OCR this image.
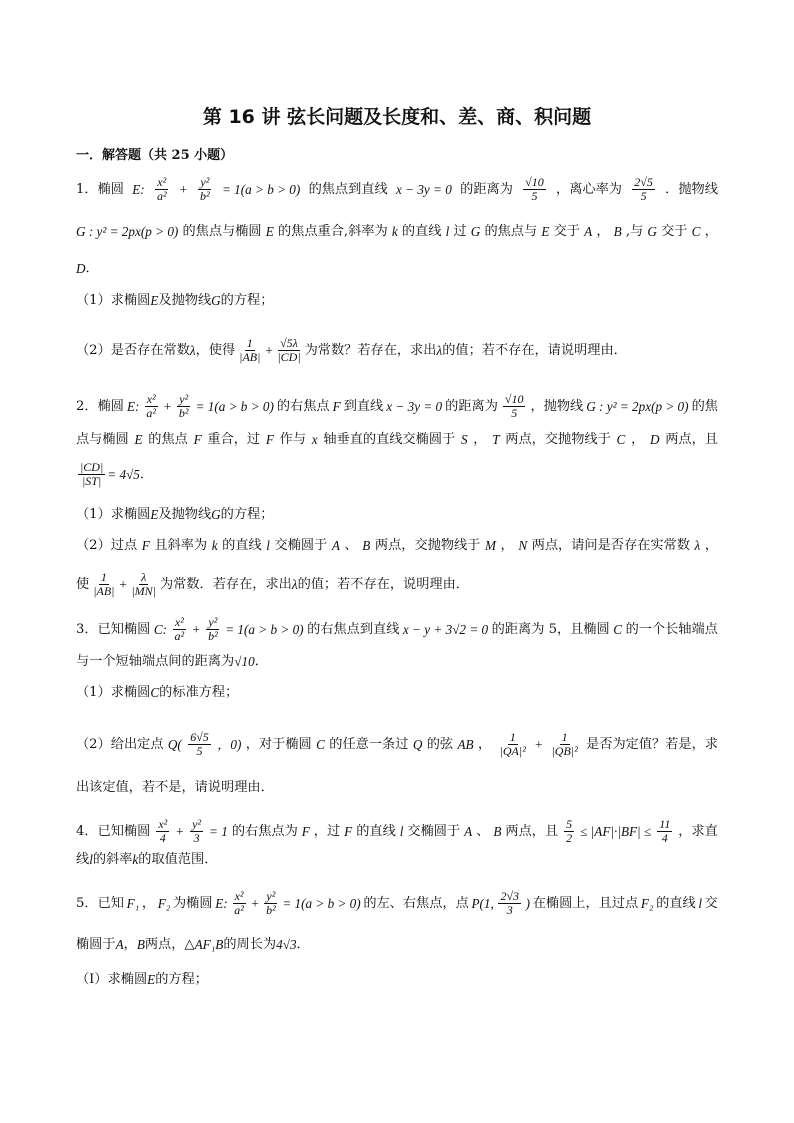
第 16 讲 弦长问题及长度和、差、商、积问题
一．解答题（共 25 小题）
1．椭圆 E: $\frac{\text{x²}}{\text{a²}} + \frac{\text{y²}}{\text{b²}} = 1(a > b > 0)$ 的焦点到直线 x − 3y = 0 的距离为 $\frac{√10}{5}$ ，离心率为 $\frac{2√5}{5}$ ．抛物线
G : y² = 2px(p > 0) 的焦点与椭圆 E 的焦点重合,斜率为 k 的直线 l 过 G 的焦点与 E 交于 A ， B ,与 G 交于 C ，
D ．
（1）求椭圆 E 及抛物线 G 的方程；
（2）是否存在常数 λ ，使得 $\frac{1}{|AB|} + \frac{√5\lambda}{|CD|}$ 为常数？若存在，求出 λ 的值；若不存在，请说明理由．
2．椭圆 E: $\frac{\text{x²}}{\text{a²}} + \frac{\text{y²}}{\text{b²}} = 1(a > b > 0)$ 的右焦点 F 到直线 x − 3y = 0 的距离为 $\frac{√10}{5}$ ，抛物线 G : y² = 2px(p > 0) 的焦
点与椭圆 E 的焦点 F 重合，过 F 作与 x 轴垂直的直线交椭圆于 S ， T 两点，交抛物线于 C ， D 两点，且
$\frac{|CD|}{|ST|} = 4√5$ ．
（1）求椭圆 E 及抛物线 G 的方程；
（2）过点 F 且斜率为 k 的直线 l 交椭圆于 A 、 B 两点，交抛物线于 M ， N 两点，请问是否存在实常数 λ ，
使 $\frac{1}{|AB|} + \frac{\lambda}{|MN|}$ 为常数．若存在，求出 λ 的值；若不存在，说明理由．
3．已知椭圆 C: $\frac{\text{x²}}{\text{a²}} + \frac{\text{y²}}{\text{b²}} = 1(a > b > 0)$ 的右焦点到直线 x − y + 3√2 = 0 的距离为 5，且椭圆 C 的一个长轴端点
与一个短轴端点间的距离为 √10 ．
（1）求椭圆 C 的标准方程；
（2）给出定点 $Q( \frac{6√5}{5}$ ，0) ，对于椭圆 C 的任意一条过 Q 的弦 AB ， $\frac{1}{\text{|QA|²}} + \frac{1}{\text{|QB|²}}$ 是否为定值？若是，求
出该定值，若不是，请说明理由．
4．已知椭圆 $\frac{\text{x²}}{4} + \frac{\text{y²}}{3} = 1$ 的右焦点为 F ，过 F 的直线 l 交椭圆于 A 、 B 两点，且 $\frac{5}{2} \le |AF|\cdot|BF| \le \frac{11}{4}$ ，求直
线 l 的斜率 k 的取值范围．
5．已知 F₁ ， F₂ 为椭圆 E: $\frac{\text{x²}}{\text{a²}} + \frac{\text{y²}}{\text{b²}} = 1(a > b > 0)$ 的左、右焦点，点 P(1, $\frac{2√3}{3}$ ) 在椭圆上，且过点 F₂ 的直线 l 交
椭圆于 A ， B 两点，△ AF₁B 的周长为 4√3 ．
（Ⅰ）求椭圆 E 的方程；
